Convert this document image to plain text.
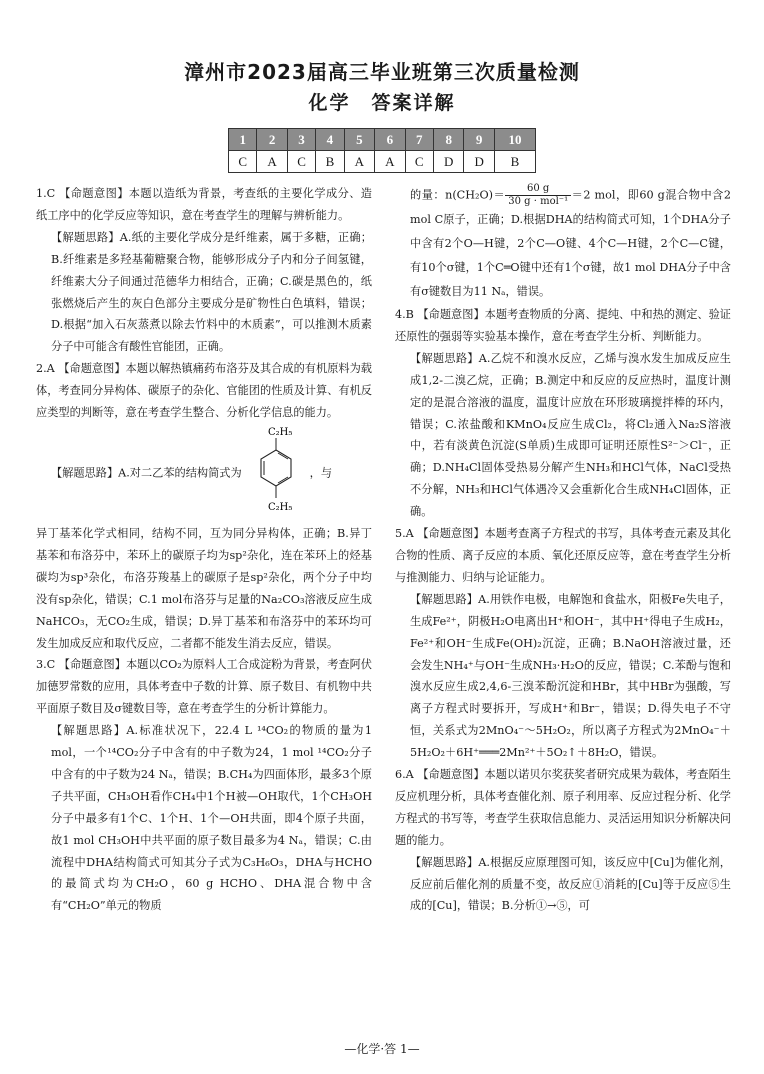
漳州市2023届高三毕业班第三次质量检测
化学　答案详解
1	2	3	4	5	6	7	8	9	10
C	A	C	B	A	A	C	D	D	B

1.C 【命题意图】本题以造纸为背景，考查纸的主要化学成分、造纸工序中的化学反应等知识，意在考查学生的理解与辨析能力。

【解题思路】A.纸的主要化学成分是纤维素，属于多糖，正确；B.纤维素是多羟基葡糖聚合物，能够形成分子内和分子间氢键，纤维素大分子间通过范德华力相结合，正确；C.碳是黑色的，纸张燃烧后产生的灰白色部分主要成分是矿物性白色填料，错误；D.根据“加入石灰蒸煮以除去竹料中的木质素”，可以推测木质素分子中可能含有酸性官能团，正确。

2.A 【命题意图】本题以解热镇痛药布洛芬及其合成的有机原料为载体，考查同分异构体、碳原子的杂化、官能团的性质及计算、有机反应类型的判断等，意在考查学生整合、分析化学信息的能力。

【解题思路】A.对二乙苯的结构简式为
C₂H₅
C₂H₅
，与

异丁基苯化学式相同，结构不同，互为同分异构体，正确；B.异丁基苯和布洛芬中，苯环上的碳原子均为sp²杂化，连在苯环上的烃基碳均为sp³杂化，布洛芬羧基上的碳原子是sp²杂化，两个分子中均没有sp杂化，错误；C.1 mol布洛芬与足量的Na₂CO₃溶液反应生成NaHCO₃，无CO₂生成，错误；D.异丁基苯和布洛芬中的苯环均可发生加成反应和取代反应，二者都不能发生消去反应，错误。

3.C 【命题意图】本题以CO₂为原料人工合成淀粉为背景，考查阿伏加德罗常数的应用，具体考查中子数的计算、原子数目、有机物中共平面原子数目及σ键数目等，意在考查学生的分析计算能力。

【解题思路】A.标准状况下，22.4 L ¹⁴CO₂的物质的量为1 mol，一个¹⁴CO₂分子中含有的中子数为24，1 mol ¹⁴CO₂分子中含有的中子数为24 Nₐ，错误；B.CH₄为四面体形，最多3个原子共平面，CH₃OH看作CH₄中1个H被—OH取代，1个CH₃OH分子中最多有1个C、1个H、1个—OH共面，即4个原子共面，故1 mol CH₃OH中共平面的原子数目最多为4 Nₐ，错误；C.由流程中DHA结构简式可知其分子式为C₃H₆O₃，DHA与HCHO的最简式均为CH₂O，60 g HCHO、DHA混合物中含有“CH₂O”单元的物质

的量：$n(CH_2O)= \frac{60 g}{\text{30 g · mol⁻¹}} =2$ mol，即60 g混合物中含2 mol C原子，正确；D.根据DHA的结构简式可知，1个DHA分子中含有2个O—H键，2个C—O键、4个C—H键，2个C—C键，有10个σ键，1个C═O键中还有1个σ键，故1 mol DHA分子中含有σ键数目为11 Nₐ，错误。

4.B 【命题意图】本题考查物质的分离、提纯、中和热的测定、验证还原性的强弱等实验基本操作，意在考查学生分析、判断能力。

【解题思路】A.乙烷不和溴水反应，乙烯与溴水发生加成反应生成1,2-二溴乙烷，正确；B.测定中和反应的反应热时，温度计测定的是混合溶液的温度，温度计应放在环形玻璃搅拌棒的环内，错误；C.浓盐酸和KMnO₄反应生成Cl₂，将Cl₂通入Na₂S溶液中，若有淡黄色沉淀(S单质)生成即可证明还原性S²⁻＞Cl⁻，正确；D.NH₄Cl固体受热易分解产生NH₃和HCl气体，NaCl受热不分解，NH₃和HCl气体遇冷又会重新化合生成NH₄Cl固体，正确。

5.A 【命题意图】本题考查离子方程式的书写，具体考查元素及其化合物的性质、离子反应的本质、氧化还原反应等，意在考查学生分析与推测能力、归纳与论证能力。

【解题思路】A.用铁作电极，电解饱和食盐水，阳极Fe失电子，生成Fe²⁺，阴极H₂O电离出H⁺和OH⁻，其中H⁺得电子生成H₂，Fe²⁺和OH⁻生成Fe(OH)₂沉淀，正确；B.NaOH溶液过量，还会发生NH₄⁺与OH⁻生成NH₃·H₂O的反应，错误；C.苯酚与饱和溴水反应生成2,4,6-三溴苯酚沉淀和HBr，其中HBr为强酸，写离子方程式时要拆开，写成H⁺和Br⁻，错误；D.得失电子不守恒，关系式为2MnO₄⁻～5H₂O₂，所以离子方程式为2MnO₄⁻＋5H₂O₂＋6H⁺═══2Mn²⁺＋5O₂↑＋8H₂O，错误。

6.A 【命题意图】本题以诺贝尔奖获奖者研究成果为载体，考查陌生反应机理分析，具体考查催化剂、原子利用率、反应过程分析、化学方程式的书写等，考查学生获取信息能力、灵活运用知识分析解决问题的能力。

【解题思路】A.根据反应原理图可知，该反应中[Cu]为催化剂，反应前后催化剂的质量不变，故反应①消耗的[Cu]等于反应⑤生成的[Cu]，错误；B.分析①→⑤，可

—化学·答 1—
